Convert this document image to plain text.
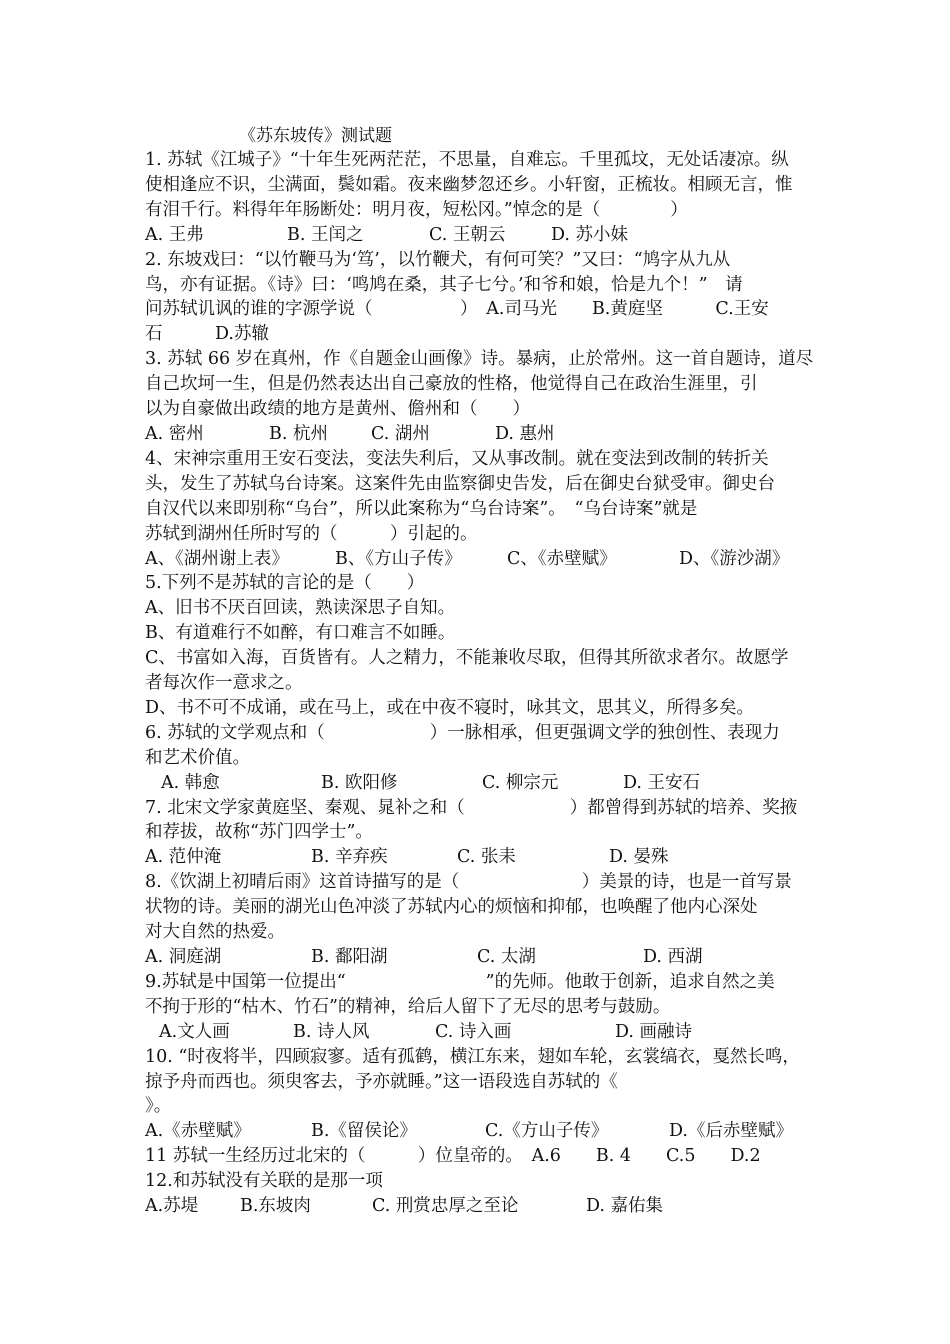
《苏东坡传》测试题

1. 苏轼《江城子》“十年生死两茫茫，不思量，自难忘。千里孤坟，无处话凄凉。纵

使相逢应不识，尘满面，鬓如霜。夜来幽梦忽还乡。小轩窗，正梳妆。相顾无言，惟

有泪千行。料得年年肠断处：明月夜，短松冈。”悼念的是（　　　　）

A. 王弗	B. 王闰之	C. 王朝云	D. 苏小妹

2. 东坡戏曰：“以竹鞭马为‘笃’，以竹鞭犬，有何可笑？”又曰：“鸠字从九从

鸟，亦有证据。《诗》曰：‘鸣鸠在桑，其子七兮。’和爷和娘，恰是九个！”　请

问苏轼讥讽的谁的字源学说（　　　　　）　A.司马光　　B.黄庭坚　　　C.王安

石　　　D.苏辙

3. 苏轼 66 岁在真州，作《自题金山画像》诗。暴病，止於常州。这一首自题诗，道尽

自己坎坷一生，但是仍然表达出自己豪放的性格，他觉得自己在政治生涯里，引

以为自豪做出政绩的地方是黄州、儋州和（　　）

A. 密州	B. 杭州	C. 湖州	D. 惠州

4、宋神宗重用王安石变法，变法失利后，又从事改制。就在变法到改制的转折关

头，发生了苏轼乌台诗案。这案件先由监察御史告发，后在御史台狱受审。御史台

自汉代以来即别称“乌台”，所以此案称为“乌台诗案”。　“乌台诗案”就是

苏轼到湖州任所时写的（　　　）引起的。

A、《湖州谢上表》	B、《方山子传》	C、《赤壁赋》	D、《游沙湖》

5.下列不是苏轼的言论的是（　　）

A、旧书不厌百回读，熟读深思子自知。

B、有道难行不如醉，有口难言不如睡。

C、书富如入海，百货皆有。人之精力，不能兼收尽取，但得其所欲求者尔。故愿学

者每次作一意求之。

D、书不可不成诵，或在马上，或在中夜不寝时，咏其文，思其义，所得多矣。

6. 苏轼的文学观点和（　　　　　　）一脉相承，但更强调文学的独创性、表现力

和艺术价值。

A. 韩愈	B. 欧阳修	C. 柳宗元	D. 王安石

7. 北宋文学家黄庭坚、秦观、晁补之和（　　　　　　）都曾得到苏轼的培养、奖掖

和荐拔，故称“苏门四学士”。

A. 范仲淹	B. 辛弃疾	C. 张耒	D. 晏殊

8.《饮湖上初晴后雨》这首诗描写的是（　　　　　　　）美景的诗，也是一首写景

状物的诗。美丽的湖光山色冲淡了苏轼内心的烦恼和抑郁，也唤醒了他内心深处

对大自然的热爱。

A. 洞庭湖	B. 鄱阳湖	C. 太湖	D. 西湖

9.苏轼是中国第一位提出“　　　　　　　　”的先师。他敢于创新，追求自然之美

不拘于形的“枯木、竹石”的精神，给后人留下了无尽的思考与鼓励。

A.文人画	B. 诗人风	C. 诗入画	D. 画融诗

10. “时夜将半，四顾寂寥。适有孤鹤，横江东来，翅如车轮，玄裳缟衣，戛然长鸣，

掠予舟而西也。须臾客去，予亦就睡。”这一语段选自苏轼的《

》。

A.《赤壁赋》	B.《留侯论》	C.《方山子传》	D.《后赤壁赋》

11 苏轼一生经历过北宋的（　　　）位皇帝的。　A.6　　B. 4　　C.5　　D.2

12.和苏轼没有关联的是那一项

A.苏堤	B.东坡肉	C. 刑赏忠厚之至论	D. 嘉佑集
